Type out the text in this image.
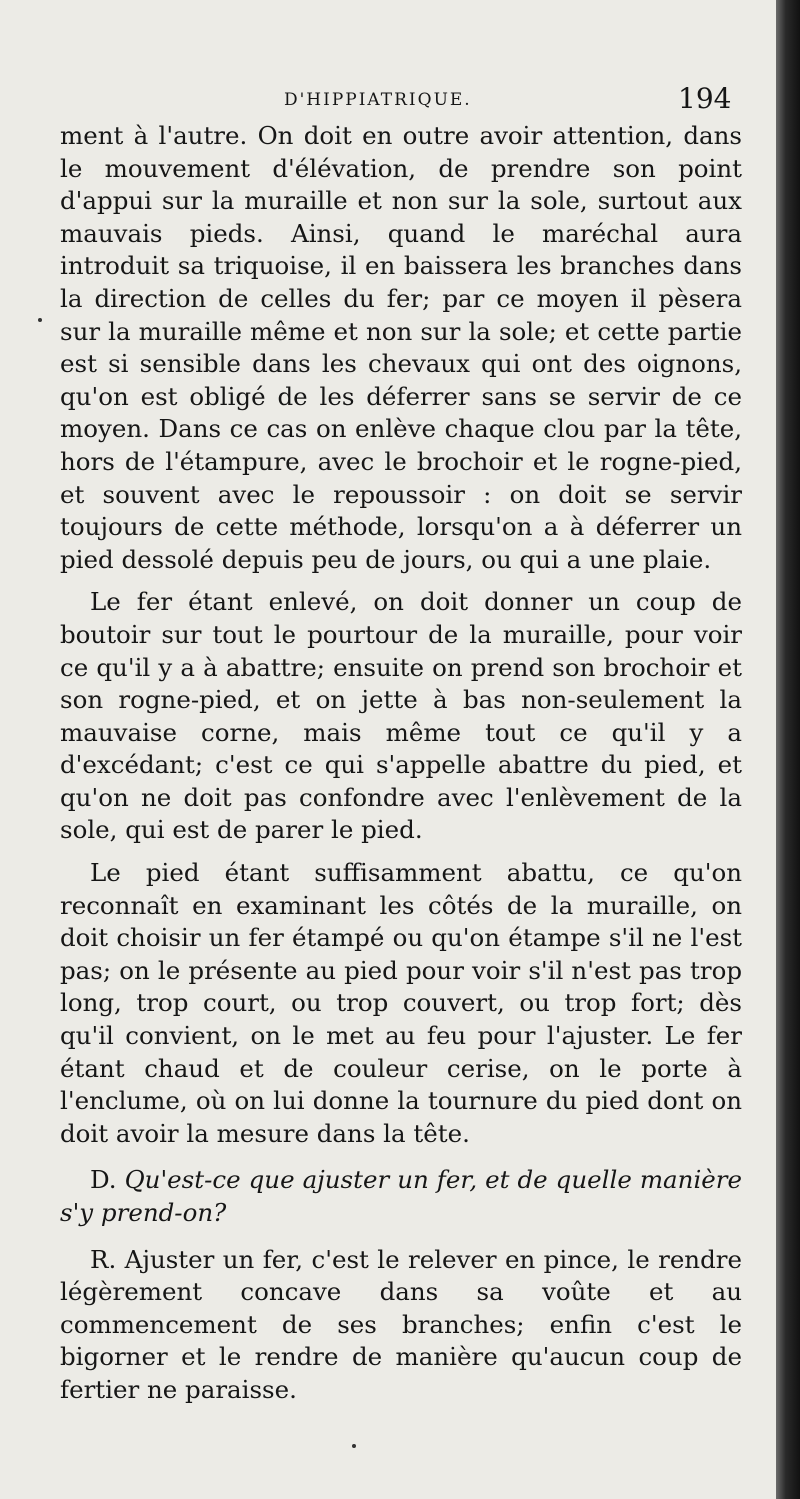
D'HIPPIATRIQUE.	194

ment à l'autre. On doit en outre avoir attention, dans le mouvement d'élévation, de prendre son point d'appui sur la muraille et non sur la sole, surtout aux mauvais pieds. Ainsi, quand le maréchal aura introduit sa triquoise, il en baissera les branches dans la direction de celles du fer; par ce moyen il pèsera sur la muraille même et non sur la sole; et cette partie est si sensible dans les chevaux qui ont des oignons, qu'on est obligé de les déferrer sans se servir de ce moyen. Dans ce cas on enlève chaque clou par la tête, hors de l'étampure, avec le brochoir et le rogne-pied, et souvent avec le repoussoir : on doit se servir toujours de cette méthode, lorsqu'on a à déferrer un pied dessolé depuis peu de jours, ou qui a une plaie.

Le fer étant enlevé, on doit donner un coup de boutoir sur tout le pourtour de la muraille, pour voir ce qu'il y a à abattre; ensuite on prend son brochoir et son rogne-pied, et on jette à bas non-seulement la mauvaise corne, mais même tout ce qu'il y a d'excédant; c'est ce qui s'appelle abattre du pied, et qu'on ne doit pas confondre avec l'enlèvement de la sole, qui est de parer le pied.

Le pied étant suffisamment abattu, ce qu'on reconnaît en examinant les côtés de la muraille, on doit choisir un fer étampé ou qu'on étampe s'il ne l'est pas; on le présente au pied pour voir s'il n'est pas trop long, trop court, ou trop couvert, ou trop fort; dès qu'il convient, on le met au feu pour l'ajuster. Le fer étant chaud et de couleur cerise, on le porte à l'enclume, où on lui donne la tournure du pied dont on doit avoir la mesure dans la tête.

D. Qu'est-ce que ajuster un fer, et de quelle manière s'y prend-on?

R. Ajuster un fer, c'est le relever en pince, le rendre légèrement concave dans sa voûte et au commencement de ses branches; enfin c'est le bigorner et le rendre de manière qu'aucun coup de fertier ne paraisse.
